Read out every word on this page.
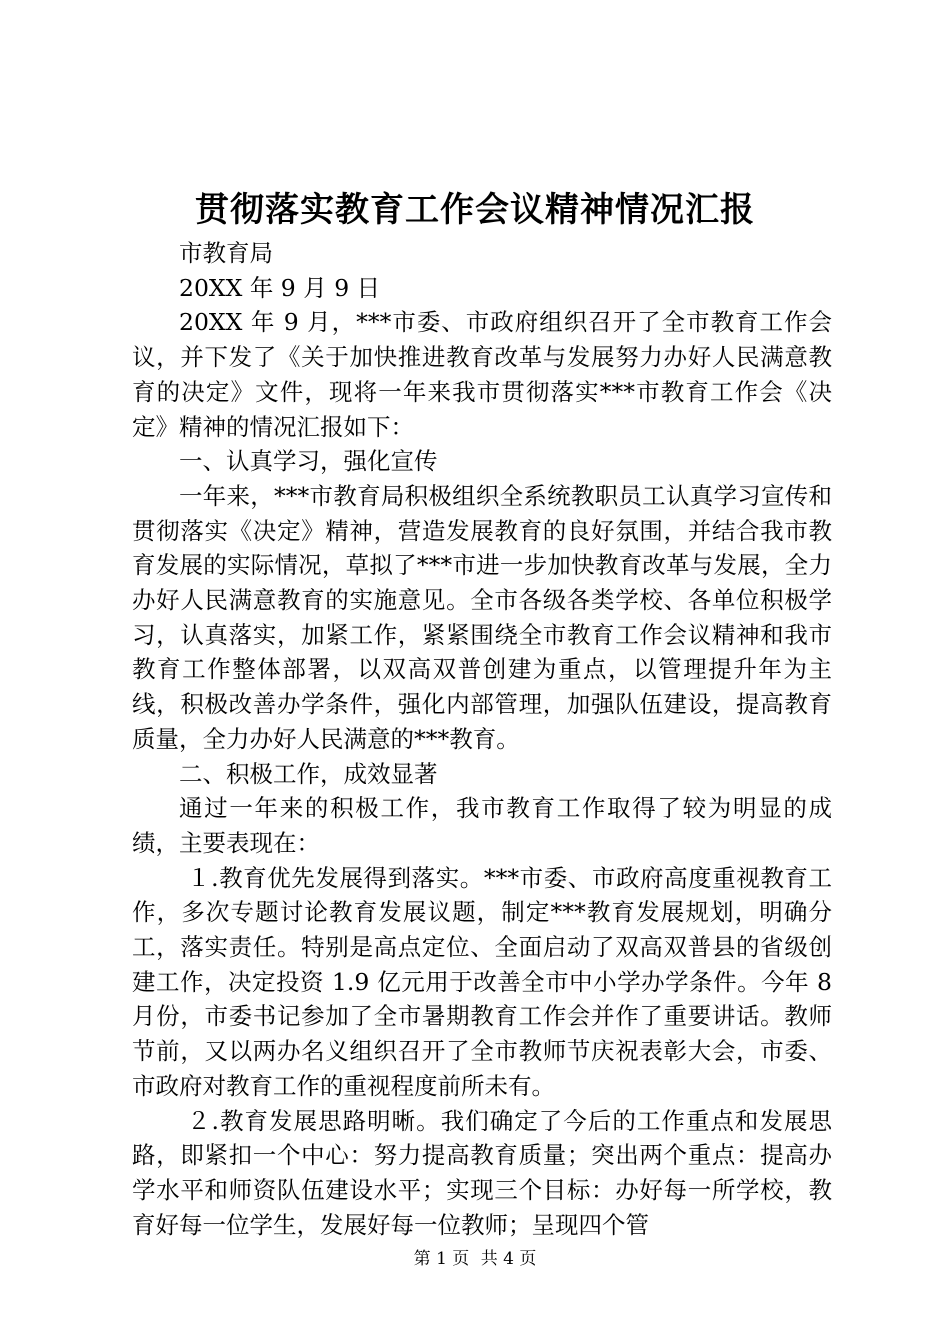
贯彻落实教育工作会议精神情况汇报

市教育局

20XX 年 9 月 9 日

20XX 年 9 月，***市委、市政府组织召开了全市教育工作会议，并下发了《关于加快推进教育改革与发展努力办好人民满意教育的决定》文件，现将一年来我市贯彻落实***市教育工作会《决定》精神的情况汇报如下：

一、认真学习，强化宣传

一年来，***市教育局积极组织全系统教职员工认真学习宣传和贯彻落实《决定》精神，营造发展教育的良好氛围，并结合我市教育发展的实际情况，草拟了***市进一步加快教育改革与发展，全力办好人民满意教育的实施意见。全市各级各类学校、各单位积极学习，认真落实，加紧工作，紧紧围绕全市教育工作会议精神和我市教育工作整体部署，以双高双普创建为重点，以管理提升年为主线，积极改善办学条件，强化内部管理，加强队伍建设，提高教育质量，全力办好人民满意的***教育。

二、积极工作，成效显著

通过一年来的积极工作，我市教育工作取得了较为明显的成绩，主要表现在：

１.教育优先发展得到落实。***市委、市政府高度重视教育工作，多次专题讨论教育发展议题，制定***教育发展规划，明确分工，落实责任。特别是高点定位、全面启动了双高双普县的省级创建工作，决定投资 1.9 亿元用于改善全市中小学办学条件。今年 8 月份，市委书记参加了全市暑期教育工作会并作了重要讲话。教师节前，又以两办名义组织召开了全市教师节庆祝表彰大会，市委、市政府对教育工作的重视程度前所未有。

２.教育发展思路明晰。我们确定了今后的工作重点和发展思路，即紧扣一个中心：努力提高教育质量；突出两个重点：提高办学水平和师资队伍建设水平；实现三个目标：办好每一所学校，教育好每一位学生，发展好每一位教师；呈现四个管

第 1 页 共 4 页
